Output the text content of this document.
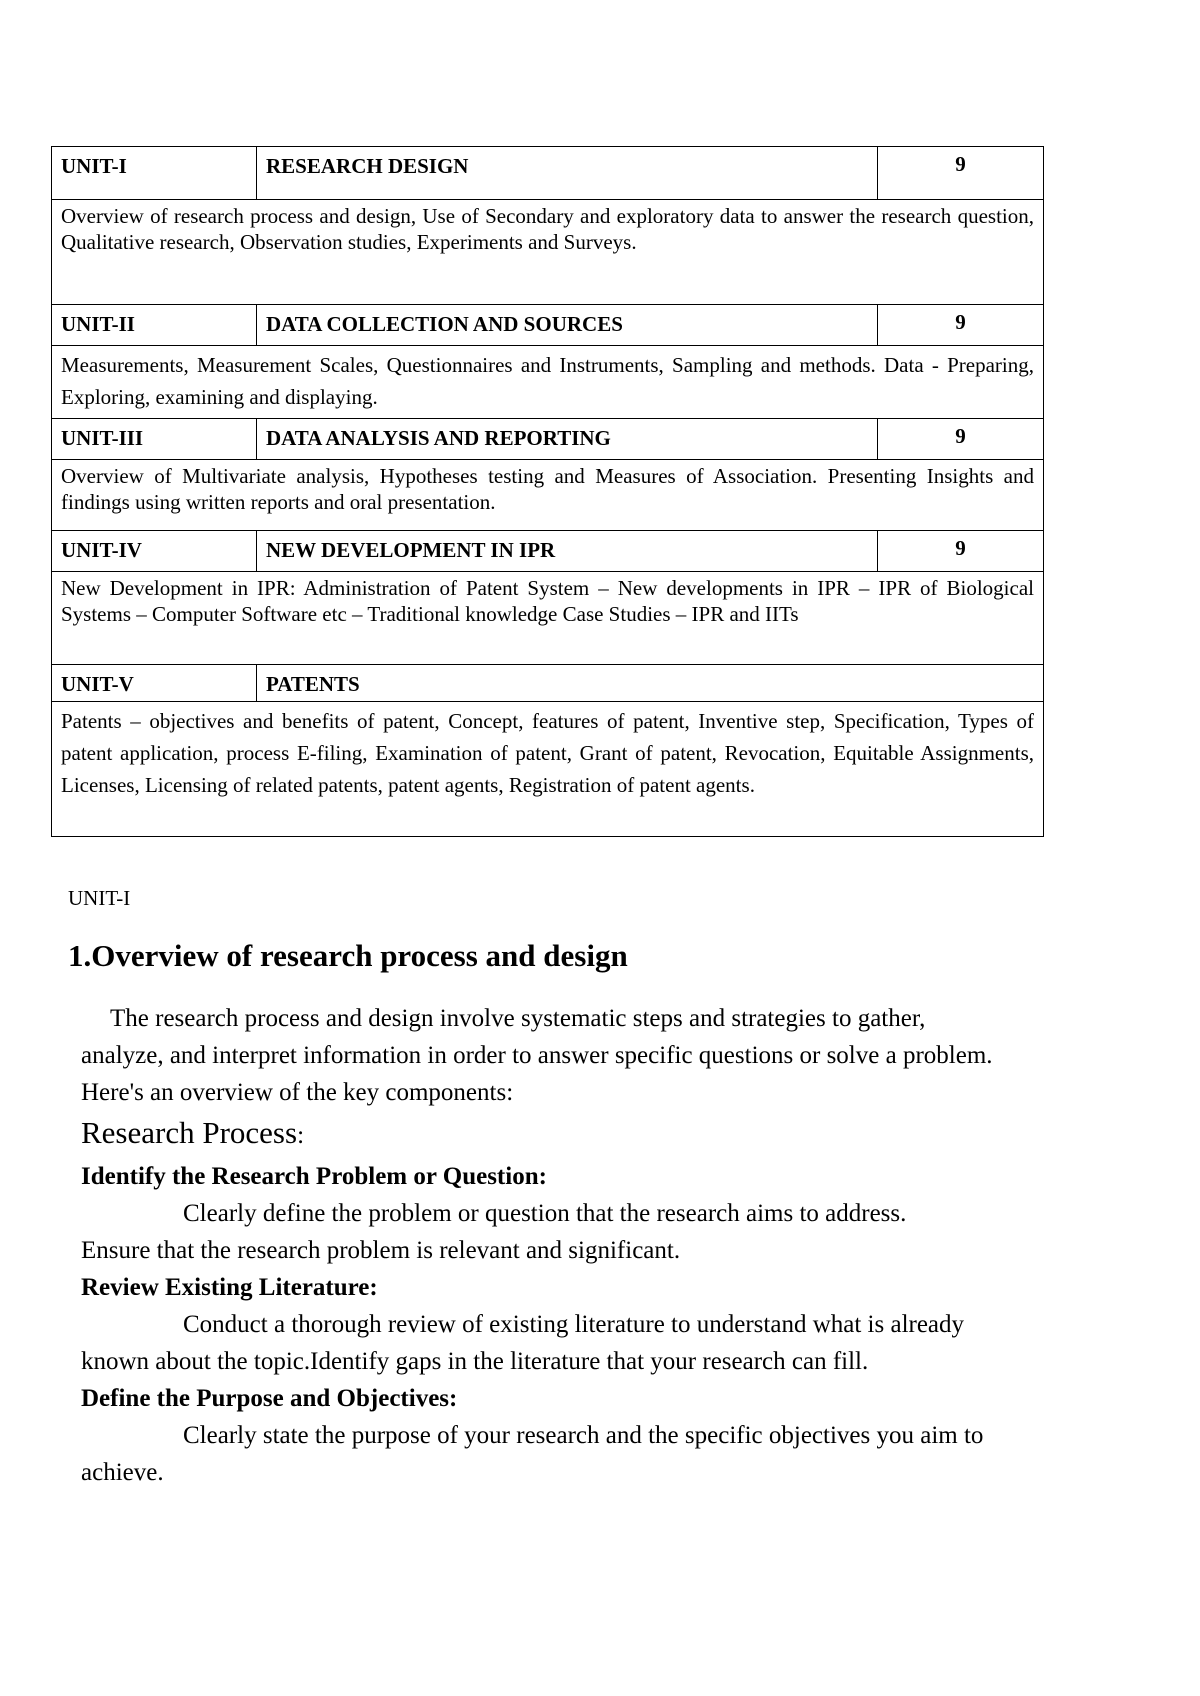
UNIT-I	RESEARCH DESIGN	9
Overview of research process and design, Use of Secondary and exploratory data to answer the research question, Qualitative research, Observation studies, Experiments and Surveys.		
UNIT-II	DATA COLLECTION AND SOURCES	9
Measurements, Measurement Scales, Questionnaires and Instruments, Sampling and methods. Data - Preparing, Exploring, examining and displaying.		
UNIT-III	DATA ANALYSIS AND REPORTING	9
Overview of Multivariate analysis, Hypotheses testing and Measures of Association. Presenting Insights and findings using written reports and oral presentation.		
UNIT-IV	NEW DEVELOPMENT IN IPR	9
New Development in IPR: Administration of Patent System – New developments in IPR – IPR of Biological Systems – Computer Software etc – Traditional knowledge Case Studies – IPR and IITs		
UNIT-V	PATENTS	
Patents – objectives and benefits of patent, Concept, features of patent, Inventive step, Specification, Types of patent application, process E-filing, Examination of patent, Grant of patent, Revocation, Equitable Assignments, Licenses, Licensing of related patents, patent agents, Registration of patent agents.		
UNIT-I
1.Overview of research process and design

The research process and design involve systematic steps and strategies to gather,

analyze, and interpret information in order to answer specific questions or solve a problem.

Here's an overview of the key components:

Research Process:

Identify the Research Problem or Question:

Clearly define the problem or question that the research aims to address.

Ensure that the research problem is relevant and significant.

Review Existing Literature:

Conduct a thorough review of existing literature to understand what is already

known about the topic.Identify gaps in the literature that your research can fill.

Define the Purpose and Objectives:

Clearly state the purpose of your research and the specific objectives you aim to

achieve.
